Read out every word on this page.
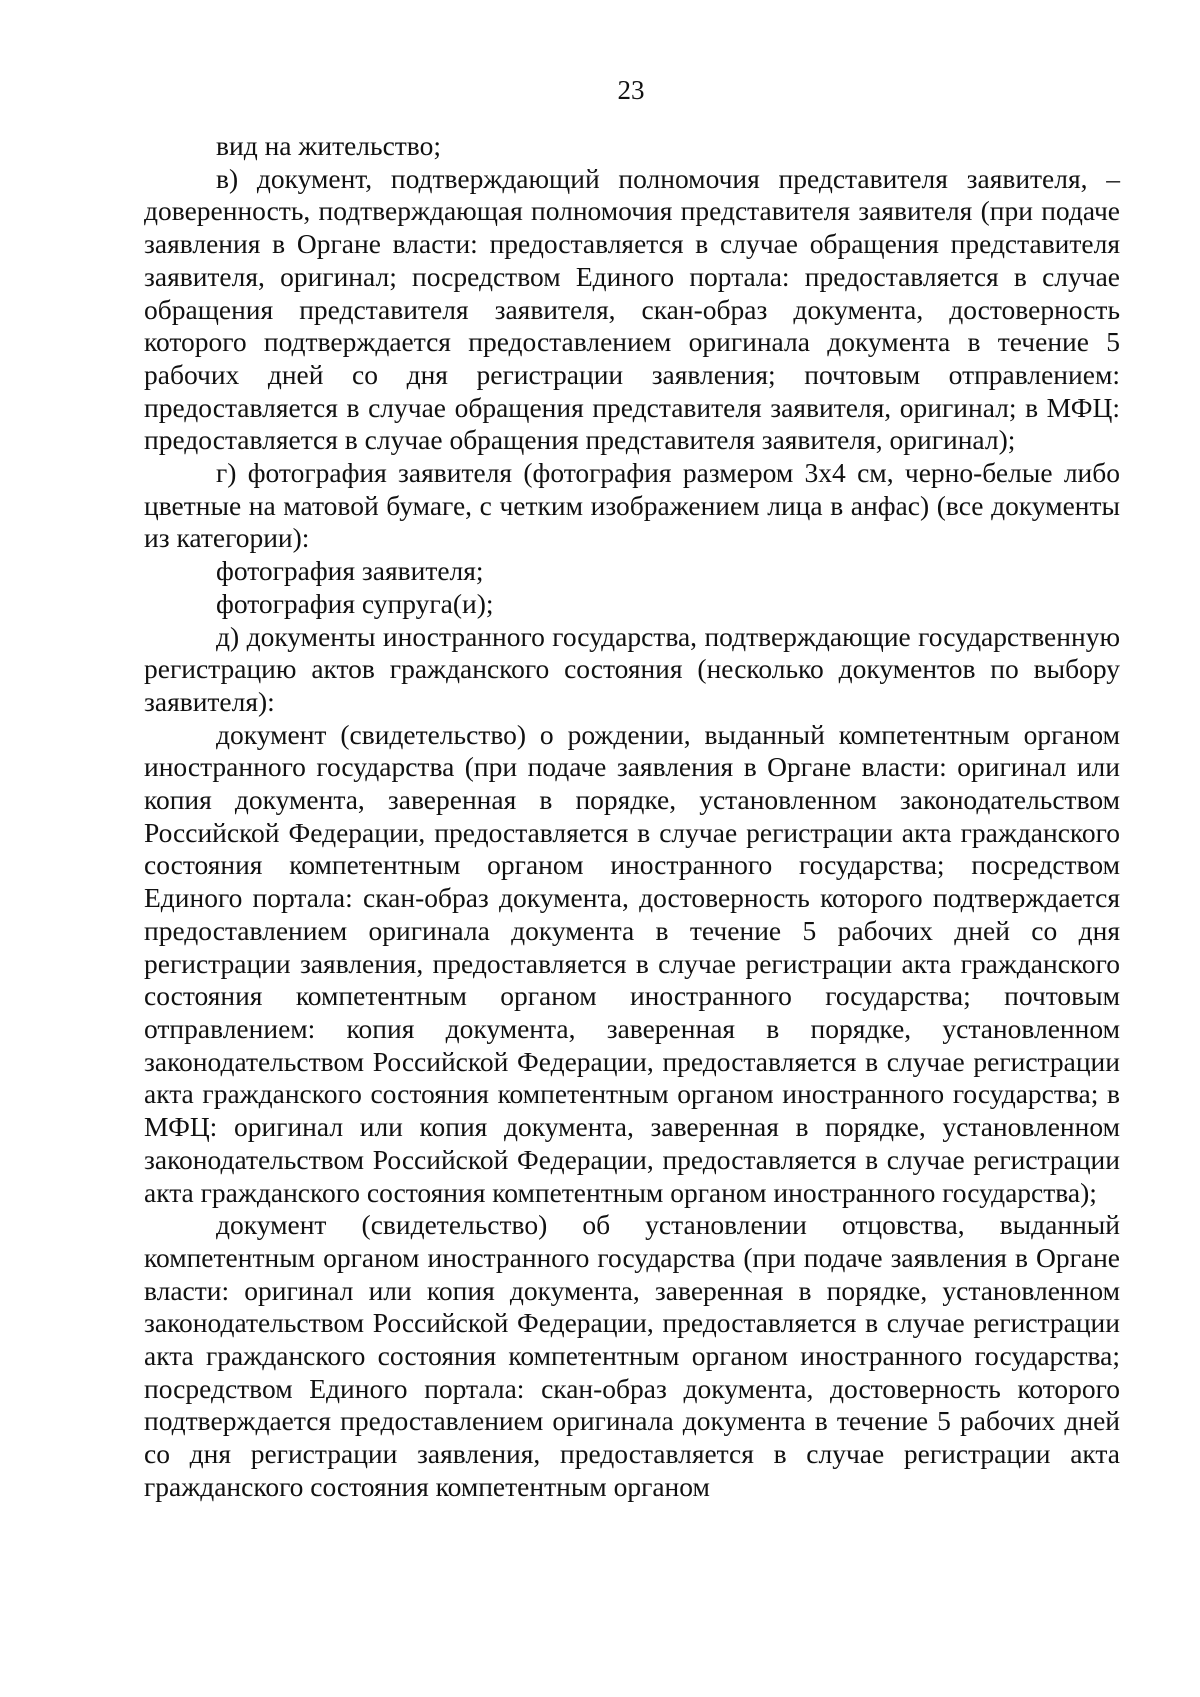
23

вид на жительство;

в) документ, подтверждающий полномочия представителя заявителя, – доверенность, подтверждающая полномочия представителя заявителя (при подаче заявления в Органе власти: предоставляется в случае обращения представителя заявителя, оригинал; посредством Единого портала: предоставляется в случае обращения представителя заявителя, скан-образ документа, достоверность которого подтверждается предоставлением оригинала документа в течение 5 рабочих дней со дня регистрации заявления; почтовым отправлением: предоставляется в случае обращения представителя заявителя, оригинал; в МФЦ: предоставляется в случае обращения представителя заявителя, оригинал);

г) фотография заявителя (фотография размером 3х4 см, черно-белые либо цветные на матовой бумаге, с четким изображением лица в анфас) (все документы из категории):

фотография заявителя;

фотография супруга(и);

д) документы иностранного государства, подтверждающие государственную регистрацию актов гражданского состояния (несколько документов по выбору заявителя):

документ (свидетельство) о рождении, выданный компетентным органом иностранного государства (при подаче заявления в Органе власти: оригинал или копия документа, заверенная в порядке, установленном законодательством Российской Федерации, предоставляется в случае регистрации акта гражданского состояния компетентным органом иностранного государства; посредством Единого портала: скан-образ документа, достоверность которого подтверждается предоставлением оригинала документа в течение 5 рабочих дней со дня регистрации заявления, предоставляется в случае регистрации акта гражданского состояния компетентным органом иностранного государства; почтовым отправлением: копия документа, заверенная в порядке, установленном законодательством Российской Федерации, предоставляется в случае регистрации акта гражданского состояния компетентным органом иностранного государства; в МФЦ: оригинал или копия документа, заверенная в порядке, установленном законодательством Российской Федерации, предоставляется в случае регистрации акта гражданского состояния компетентным органом иностранного государства);

документ (свидетельство) об установлении отцовства, выданный компетентным органом иностранного государства (при подаче заявления в Органе власти: оригинал или копия документа, заверенная в порядке, установленном законодательством Российской Федерации, предоставляется в случае регистрации акта гражданского состояния компетентным органом иностранного государства; посредством Единого портала: скан-образ документа, достоверность которого подтверждается предоставлением оригинала документа в течение 5 рабочих дней со дня регистрации заявления, предоставляется в случае регистрации акта гражданского состояния компетентным органом
